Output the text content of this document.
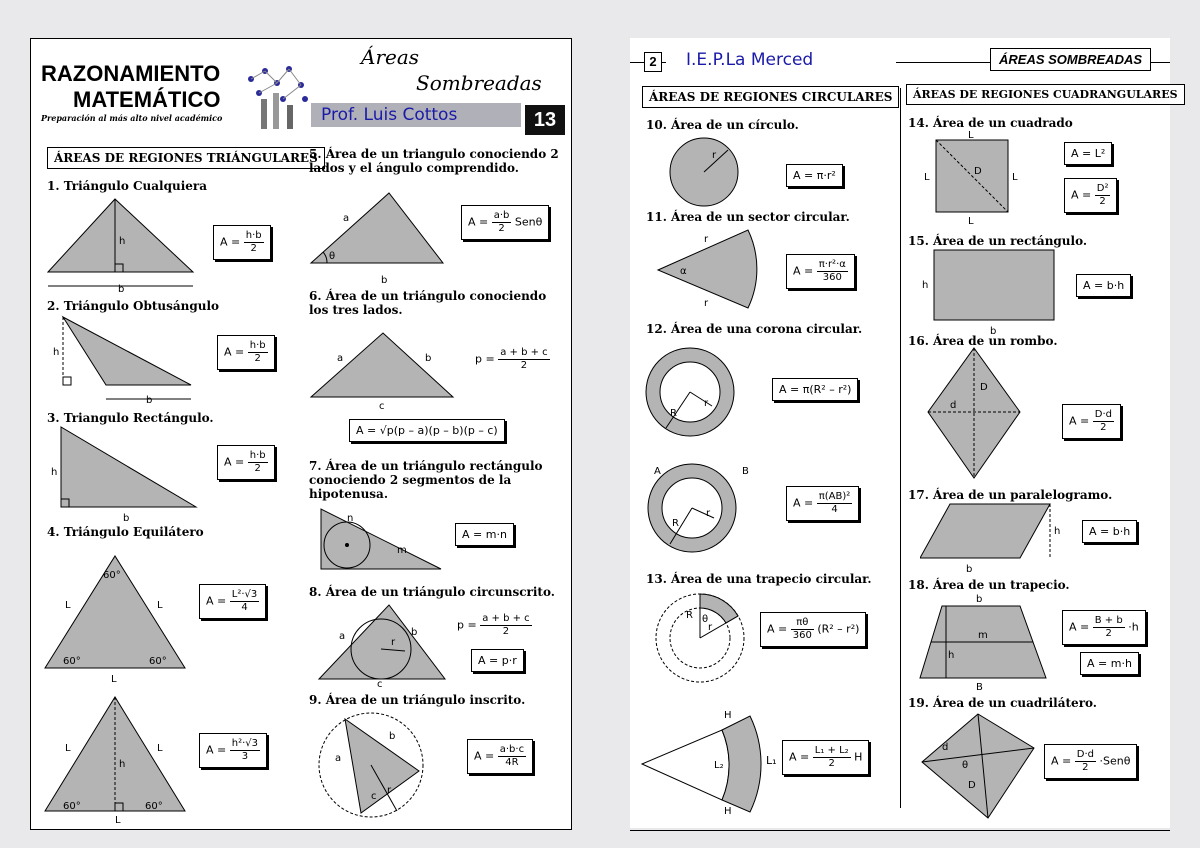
RAZONAMIENTO
MATEMÁTICO
Preparación al más alto nivel académico
Áreas
Sombreadas
Prof. Luis Cottos	13
ÁREAS DE REGIONES TRIÁNGULARES
1. Triángulo Cualquiera
h
b
$A = \frac{h\cdot b}{2}$
2. Triángulo Obtusángulo
h
b
$A = \frac{h\cdot b}{2}$
3. Triangulo Rectángulo.
h
b
$A = \frac{h\cdot b}{2}$
4. Triángulo Equilátero
60°
60°	60°
L	L
L
$A = \frac{\text{L²·√3}}{4}$
h
L	L
L
60°	60°
$A = \frac{\text{h²·√3}}{3}$
5. Área de un triangulo conociendo 2 lados y el ángulo comprendido.
θ
a
b
$A = \frac{a\cdot b}{2}$ Senθ
6. Área de un triángulo conociendo los tres lados.
a	b
c
$p = \frac{a + b + c}{2}$
A = √p(p – a)(p – b)(p – c)
7. Área de un triángulo rectángulo conociendo 2 segmentos de la hipotenusa.
n
m
A = m·n
8. Área de un triángulo circunscrito.
a	b
c
r
$p = \frac{a + b + c}{2}$
A = p·r
9. Área de un triángulo inscrito.
a
b
c
r
$A = \frac{a\cdot b\cdot c}{4R}$
2	I.E.P.La Merced	ÁREAS SOMBREADAS
ÁREAS DE REGIONES CIRCULARES	ÁREAS DE REGIONES CUADRANGULARES
10. Área de un círculo.
r
A = π·r²
11. Área de un sector circular.
α
r
r
$A = \frac{\text{π·r²·α}}{360}$
12. Área de una corona circular.
r
R
A = π(R² – r²)
A	B
r
R
$A = \frac{\text{π(AB)²}}{4}$
13. Área de una trapecio circular.
R
r
θ
$A = \frac{\pi\theta}{360} (R^2 - r^2)$
H
H
L₂	L₁	$A = \frac{\text{L₁ + L₂}}{2}$ H
14. Área de un cuadrado
L
L	L
L
D
A = L²
$A = \frac{\text{D²}}{2}$
15. Área de un rectángulo.
h
b
A = b·h
16. Área de un rombo.
D
d
$A = \frac{D\cdot d}{2}$
17. Área de un paralelogramo.
h
b
A = b·h
18. Área de un trapecio.
b
m
h
B
$A = \frac{B + b}{2} \cdot h$
A = m·h
19. Área de un cuadrilátero.
d
θ
D
$A = \frac{D\cdot d}{2} \cdot Sen\theta$
